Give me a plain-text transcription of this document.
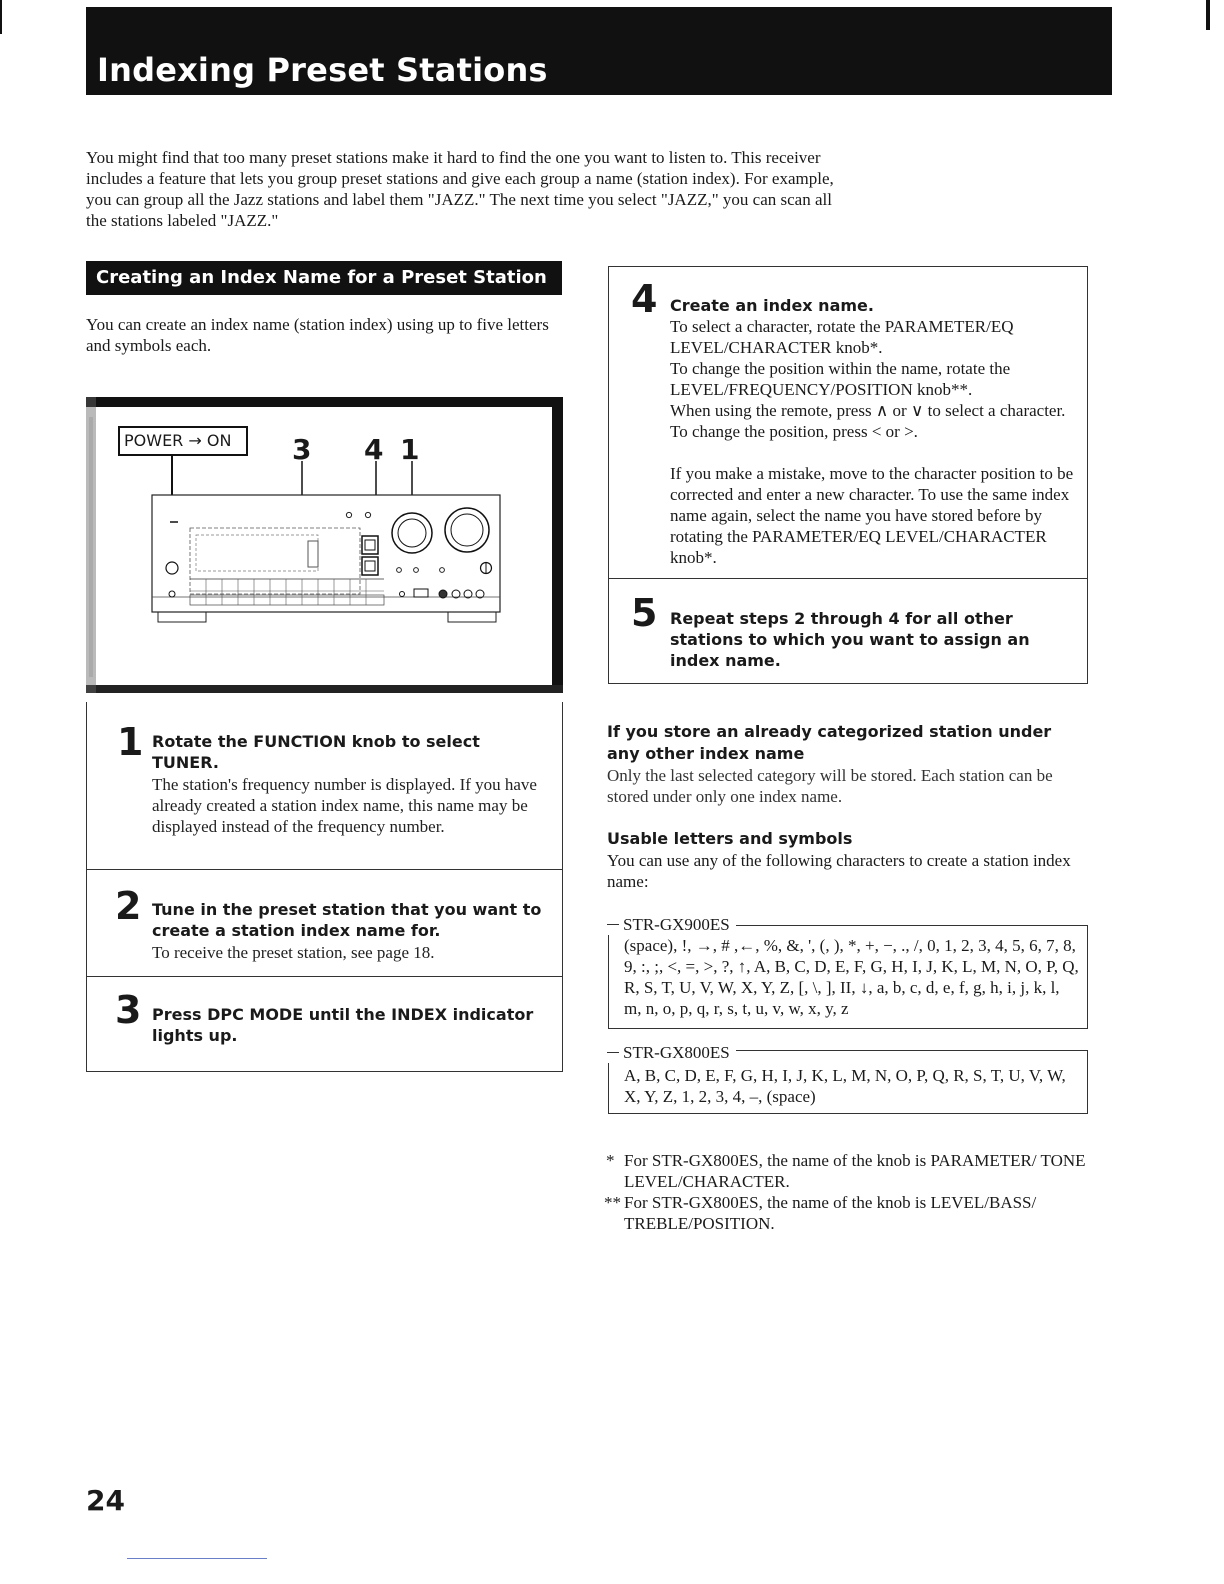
Indexing Preset Stations

You might find that too many preset stations make it hard to find the one you want to listen to. This receiver includes a feature that lets you group preset stations and give each group a name (station index). For example, you can group all the Jazz stations and label them "JAZZ." The next time you select "JAZZ," you can scan all the stations labeled "JAZZ."

Creating an Index Name for a Preset Station
You can create an index name (station index) using up to five letters and symbols each.
POWER → ON 3 4 1
1 Rotate the FUNCTION knob to select TUNER.
The station's frequency number is displayed. If you have already created a station index name, this name may be displayed instead of the frequency number.
2 Tune in the preset station that you want to create a station index name for.
To receive the preset station, see page 18.
3 Press DPC MODE until the INDEX indicator lights up.
4 Create an index name.

To select a character, rotate the PARAMETER/EQ LEVEL/CHARACTER knob*.

To change the position within the name, rotate the LEVEL/FREQUENCY/POSITION knob**.

When using the remote, press ∧ or ∨ to select a character. To change the position, press < or >.

If you make a mistake, move to the character position to be corrected and enter a new character. To use the same index name again, select the name you have stored before by rotating the PARAMETER/EQ LEVEL/CHARACTER knob*.

5 Repeat steps 2 through 4 for all other stations to which you want to assign an index name.
If you store an already categorized station under any other index name
Only the last selected category will be stored. Each station can be stored under only one index name.
Usable letters and symbols
You can use any of the following characters to create a station index name:
(space), !, →, # ,←, %, &, ', (, ), *, +, −, ., /, 0, 1, 2, 3, 4, 5, 6, 7, 8, 9, :, ;, <, =, >, ?, ↑, A, B, C, D, E, F, G, H, I, J, K, L, M, N, O, P, Q, R, S, T, U, V, W, X, Y, Z, [, \, ], II, ↓, a, b, c, d, e, f, g, h, i, j, k, l, m, n, o, p, q, r, s, t, u, v, w, x, y, z
STR-GX900ES
A, B, C, D, E, F, G, H, I, J, K, L, M, N, O, P, Q, R, S, T, U, V, W, X, Y, Z, 1, 2, 3, 4, –, (space)
STR-GX800ES
* For STR-GX800ES, the name of the knob is PARAMETER/ TONE LEVEL/CHARACTER.
** For STR-GX800ES, the name of the knob is LEVEL/BASS/ TREBLE/POSITION.
24
